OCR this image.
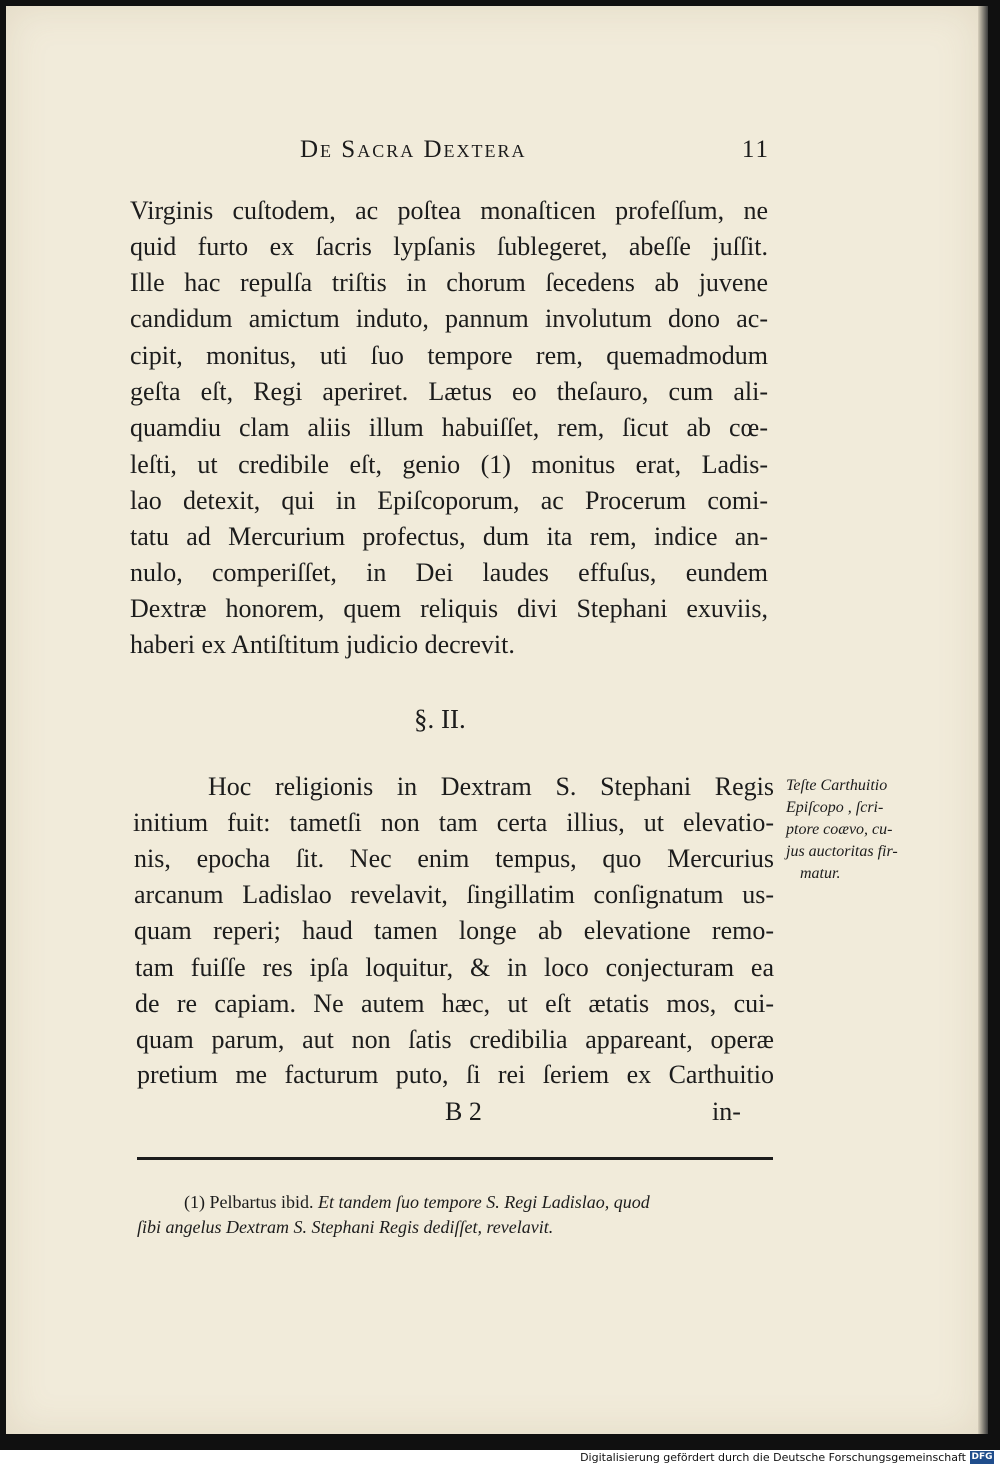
De Sacra Dextera	11
Virginis cuſtodem, ac poſtea monaſticen profeſſum, ne
quid furto ex ſacris lypſanis ſublegeret, abeſſe juſſit.
Ille hac repulſa triſtis in chorum ſecedens ab juvene
candidum amictum induto, pannum involutum dono ac-
cipit, monitus, uti ſuo tempore rem, quemadmodum
geſta eſt, Regi aperiret. Lætus eo theſauro, cum ali-
quamdiu clam aliis illum habuiſſet, rem, ſicut ab cœ-
leſti, ut credibile eſt, genio (1) monitus erat, Ladis-
lao detexit, qui in Epiſcoporum, ac Procerum comi-
tatu ad Mercurium profectus, dum ita rem, indice an-
nulo, comperiſſet, in Dei laudes effuſus, eundem
Dextræ honorem, quem reliquis divi Stephani exuviis,
haberi ex Antiſtitum judicio decrevit.
§. II.
Hoc religionis in Dextram S. Stephani Regis
initium fuit: tametſi non tam certa illius, ut elevatio-
nis, epocha ſit. Nec enim tempus, quo Mercurius
arcanum Ladislao revelavit, ſingillatim conſignatum us-
quam reperi; haud tamen longe ab elevatione remo-
tam fuiſſe res ipſa loquitur, & in loco conjecturam ea
de re capiam. Ne autem hæc, ut eſt ætatis mos, cui-
quam parum, aut non ſatis credibilia appareant, operæ
pretium me facturum puto, ſi rei ſeriem ex Carthuitio
B 2	in-
Teſte Carthuitio
Epiſcopo , ſcri-
ptore coævo, cu-
jus auctoritas fir-
matur.
(1) Pelbartus ibid. Et tandem ſuo tempore S. Regi Ladislao, quod
ſibi angelus Dextram S. Stephani Regis dediſſet, revelavit.
Digitalisierung gefördert durch die Deutsche Forschungsgemeinschaft DFG
